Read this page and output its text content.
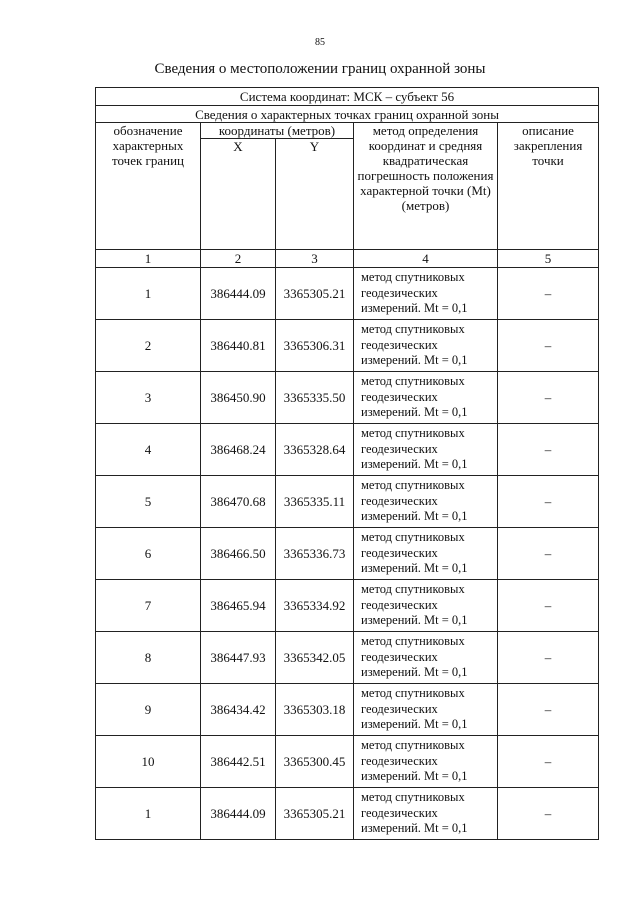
85
Сведения о местоположении границ охранной зоны
Система координат: МСК – субъект 56				
Сведения о характерных точках границ охранной зоны				
обозначение характерных точек границ	координаты (метров)		метод определения координат и средняя квадратическая погрешность положения характерной точки (Mt) (метров)	описание закрепления точки
	X	Y		
1	2	3	4	5
1	386444.09	3365305.21	метод спутниковых геодезических измерений. Mt = 0,1	–
2	386440.81	3365306.31	метод спутниковых геодезических измерений. Mt = 0,1	–
3	386450.90	3365335.50	метод спутниковых геодезических измерений. Mt = 0,1	–
4	386468.24	3365328.64	метод спутниковых геодезических измерений. Mt = 0,1	–
5	386470.68	3365335.11	метод спутниковых геодезических измерений. Mt = 0,1	–
6	386466.50	3365336.73	метод спутниковых геодезических измерений. Mt = 0,1	–
7	386465.94	3365334.92	метод спутниковых геодезических измерений. Mt = 0,1	–
8	386447.93	3365342.05	метод спутниковых геодезических измерений. Mt = 0,1	–
9	386434.42	3365303.18	метод спутниковых геодезических измерений. Mt = 0,1	–
10	386442.51	3365300.45	метод спутниковых геодезических измерений. Mt = 0,1	–
1	386444.09	3365305.21	метод спутниковых геодезических измерений. Mt = 0,1	–
